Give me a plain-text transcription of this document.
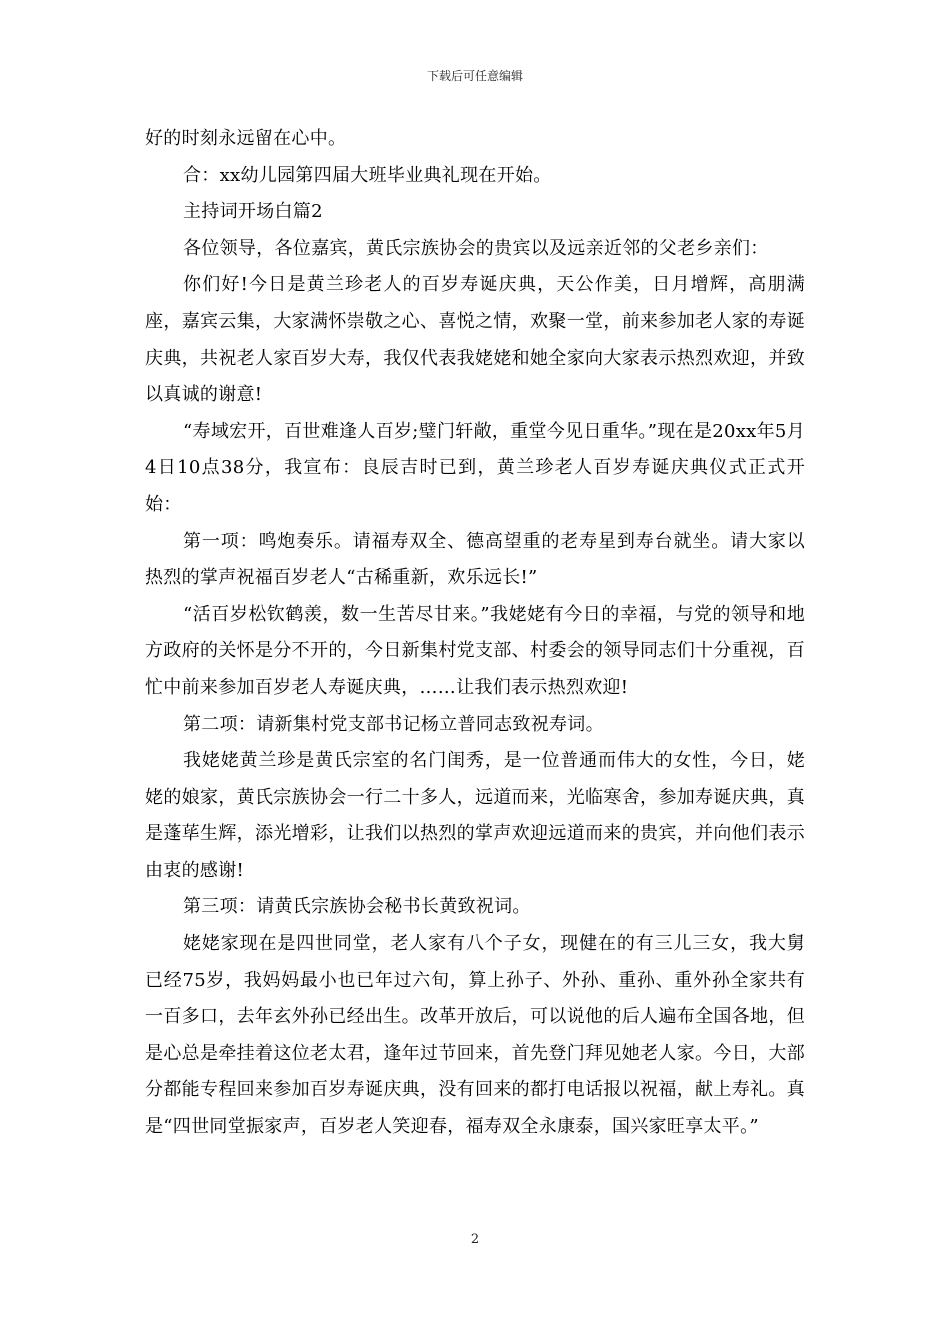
下载后可任意编辑

好的时刻永远留在心中。

合：xx幼儿园第四届大班毕业典礼现在开始。

主持词开场白篇2

各位领导，各位嘉宾，黄氏宗族协会的贵宾以及远亲近邻的父老乡亲们：

你们好!今日是黄兰珍老人的百岁寿诞庆典，天公作美，日月增辉，高朋满座，嘉宾云集，大家满怀崇敬之心、喜悦之情，欢聚一堂，前来参加老人家的寿诞庆典，共祝老人家百岁大寿，我仅代表我姥姥和她全家向大家表示热烈欢迎，并致以真诚的谢意!

“寿域宏开，百世难逢人百岁;璧门轩敞，重堂今见日重华。”现在是20xx年5月4日10点38分，我宣布：良辰吉时已到，黄兰珍老人百岁寿诞庆典仪式正式开始：

第一项：鸣炮奏乐。请福寿双全、德高望重的老寿星到寿台就坐。请大家以热烈的掌声祝福百岁老人“古稀重新，欢乐远长!”

“活百岁松钦鹤羡，数一生苦尽甘来。”我姥姥有今日的幸福，与党的领导和地方政府的关怀是分不开的，今日新集村党支部、村委会的领导同志们十分重视，百忙中前来参加百岁老人寿诞庆典，……让我们表示热烈欢迎!

第二项：请新集村党支部书记杨立普同志致祝寿词。

我姥姥黄兰珍是黄氏宗室的名门闺秀，是一位普通而伟大的女性，今日，姥姥的娘家，黄氏宗族协会一行二十多人，远道而来，光临寒舍，参加寿诞庆典，真是蓬荜生辉，添光增彩，让我们以热烈的掌声欢迎远道而来的贵宾，并向他们表示由衷的感谢!

第三项：请黄氏宗族协会秘书长黄致祝词。

姥姥家现在是四世同堂，老人家有八个子女，现健在的有三儿三女，我大舅已经75岁，我妈妈最小也已年过六旬，算上孙子、外孙、重孙、重外孙全家共有一百多口，去年玄外孙已经出生。改革开放后，可以说他的后人遍布全国各地，但是心总是牵挂着这位老太君，逢年过节回来，首先登门拜见她老人家。今日，大部分都能专程回来参加百岁寿诞庆典，没有回来的都打电话报以祝福，献上寿礼。真是“四世同堂振家声，百岁老人笑迎春，福寿双全永康泰，国兴家旺享太平。”

2
